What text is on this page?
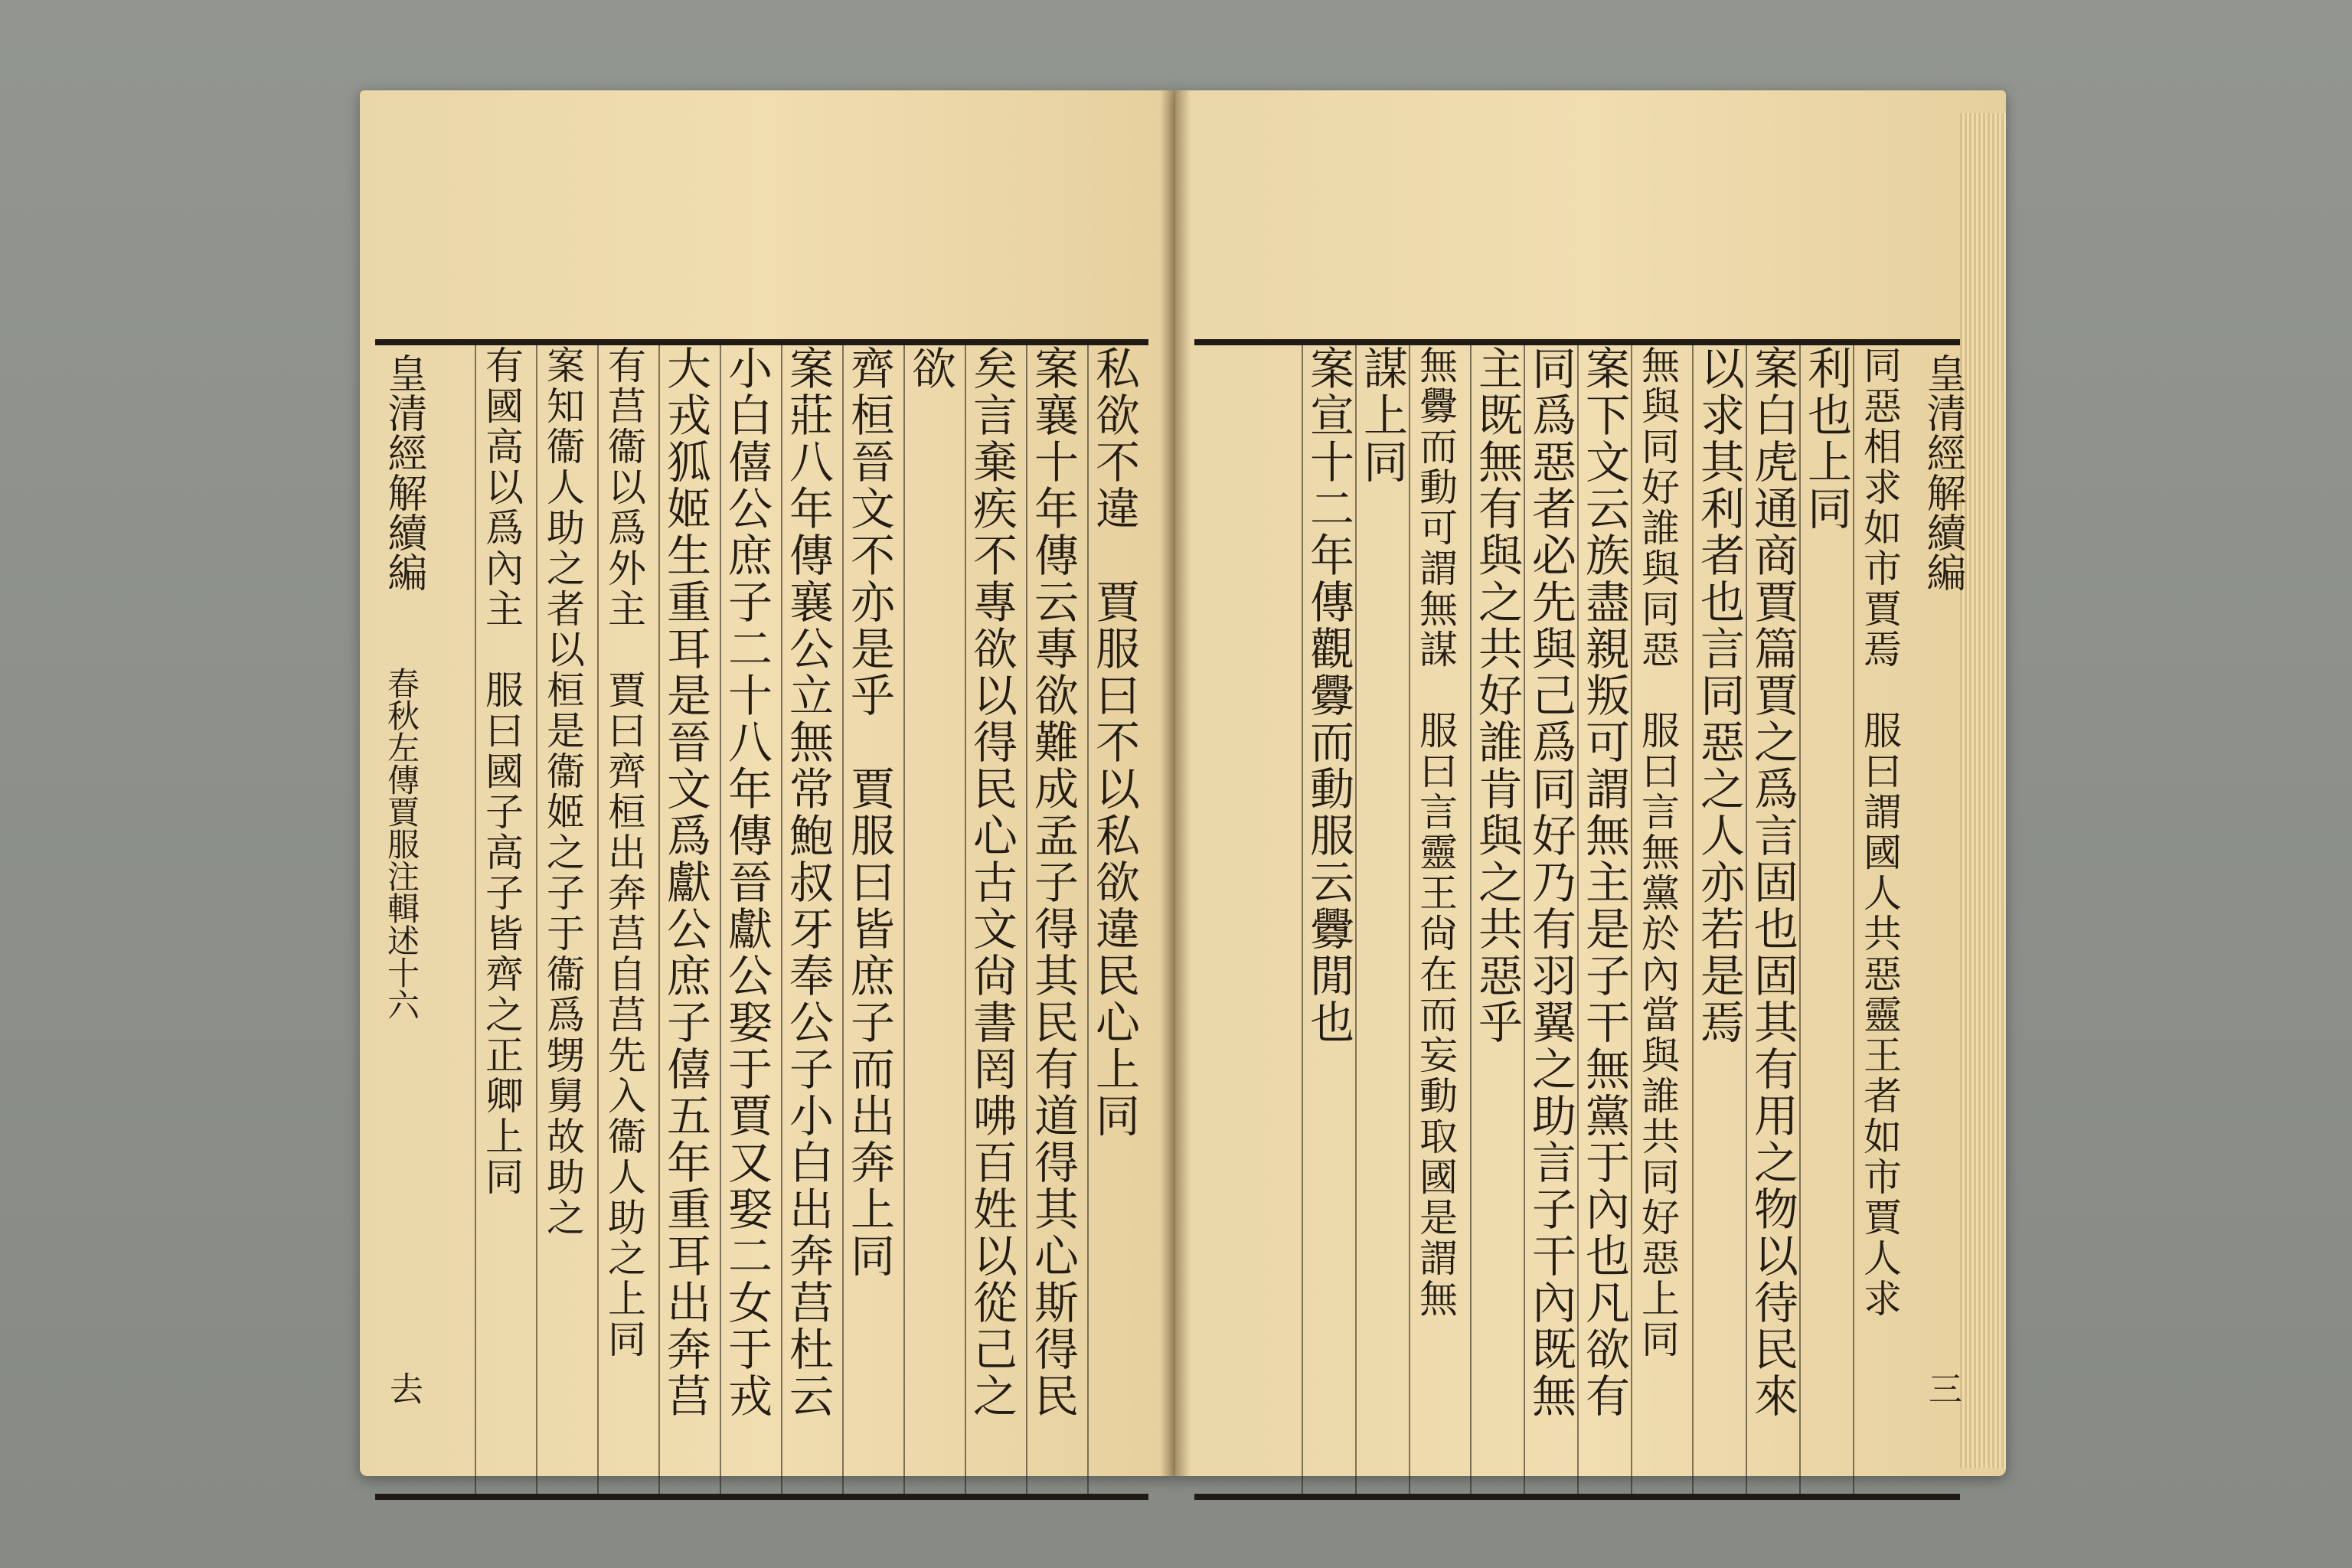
皇清經解續編
春秋左傳賈服注輯述十六
去
私欲不違　賈服曰不以私欲違民心上同
案襄十年傳云專欲難成孟子得其民有道得其心斯得民
矣言棄疾不專欲以得民心古文尙書罔咈百姓以從己之
欲
齊桓晉文不亦是乎　賈服曰皆庶子而出奔上同
案莊八年傳襄公立無常鮑叔牙奉公子小白出奔莒杜云
小白僖公庶子二十八年傳晉獻公娶于賈又娶二女于戎
大戎狐姬生重耳是晉文爲獻公庶子僖五年重耳出奔莒
有莒衞以爲外主　賈曰齊桓出奔莒自莒先入衞人助之上同
案知衞人助之者以桓是衞姬之子于衞爲甥舅故助之
有國高以爲內主　服曰國子高子皆齊之正卿上同	皇清經解續編
三
同惡相求如市賈焉　服曰謂國人共惡靈王者如市賈人求
利也上同
案白虎通商賈篇賈之爲言固也固其有用之物以待民來
以求其利者也言同惡之人亦若是焉
無與同好誰與同惡　服曰言無黨於內當與誰共同好惡上同
案下文云族盡親叛可謂無主是子干無黨于內也凡欲有
同爲惡者必先與己爲同好乃有羽翼之助言子干內既無
主既無有與之共好誰肯與之共惡乎
無釁而動可謂無謀　服曰言靈王尙在而妄動取國是謂無
謀上同
案宣十二年傳觀釁而動服云釁閒也
